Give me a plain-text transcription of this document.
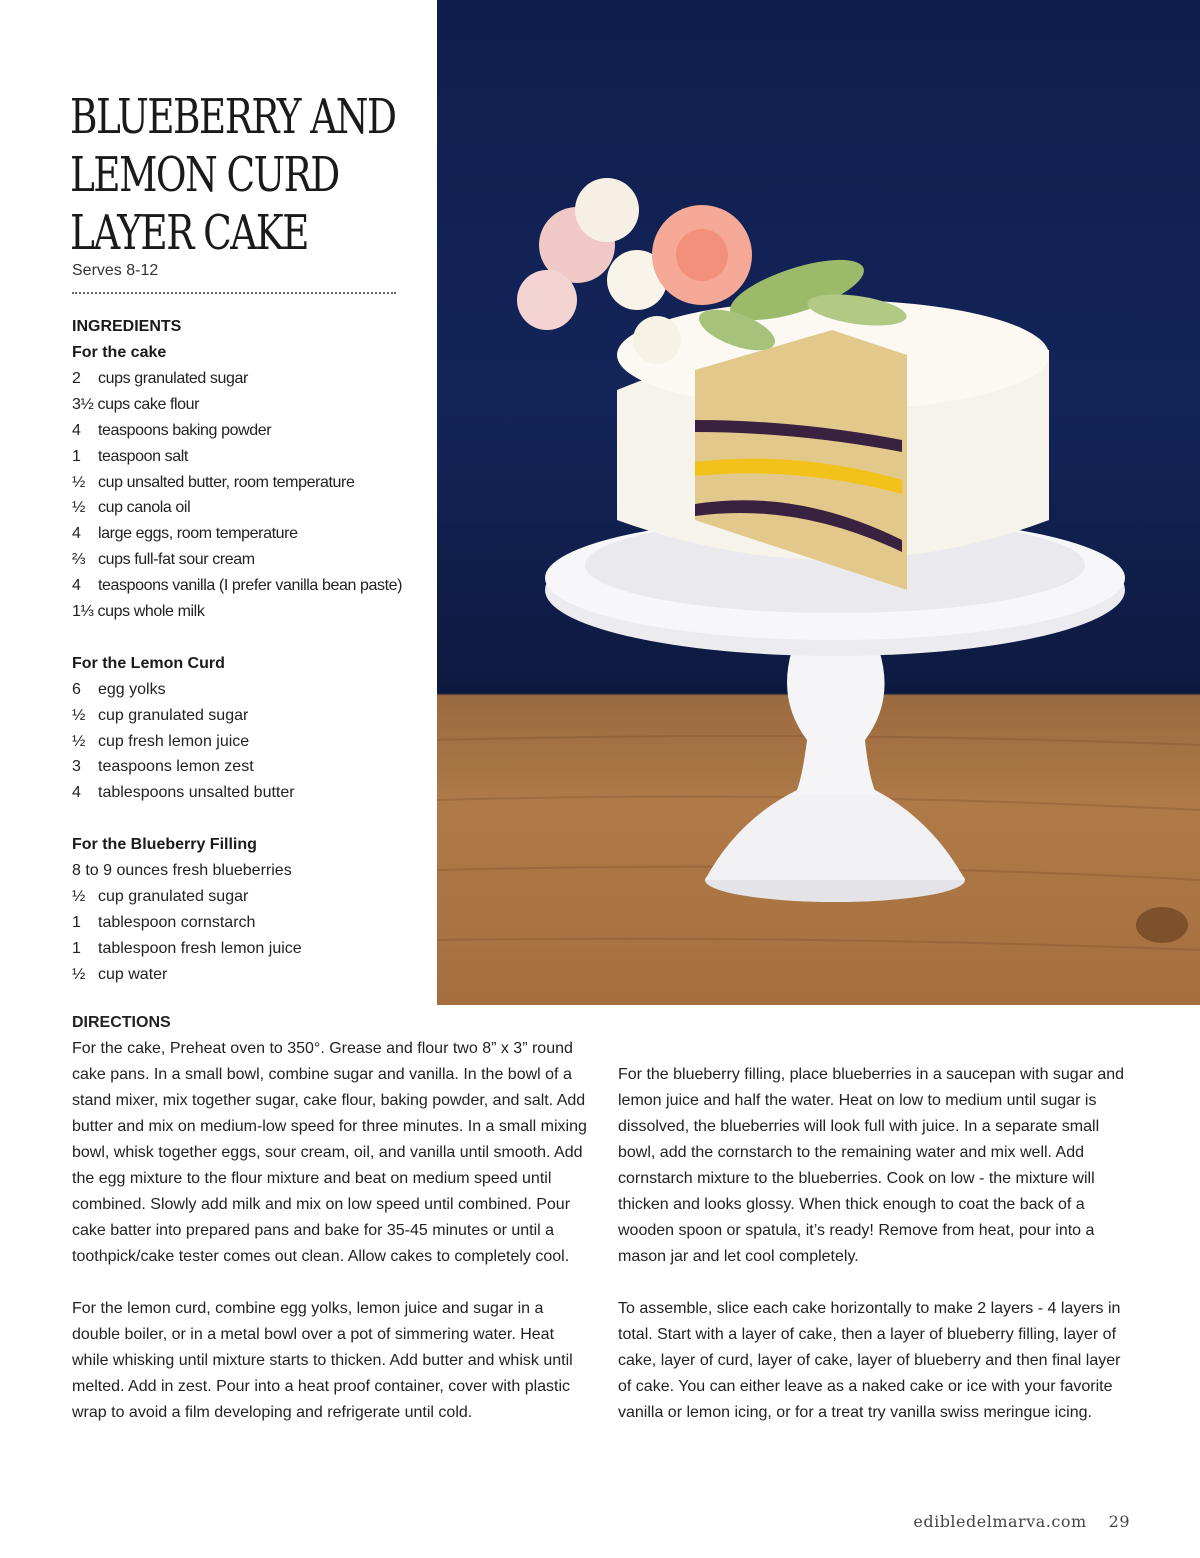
BLUEBERRY AND
LEMON CURD
LAYER CAKE
Serves 8-12
INGREDIENTS
For the cake
2 cups granulated sugar
3½ cups cake flour
4 teaspoons baking powder
1 teaspoon salt
½ cup unsalted butter, room temperature
½ cup canola oil
4 large eggs, room temperature
⅔ cups full-fat sour cream
4 teaspoons vanilla (I prefer vanilla bean paste)
1⅓ cups whole milk
For the Lemon Curd
6 egg yolks
½ cup granulated sugar
½ cup fresh lemon juice
3 teaspoons lemon zest
4 tablespoons unsalted butter
For the Blueberry Filling
8 to 9 ounces fresh blueberries
½ cup granulated sugar
1 tablespoon cornstarch
1 tablespoon fresh lemon juice
½ cup water
DIRECTIONS

For the cake, Preheat oven to 350°. Grease and flour two 8” x 3” round cake pans. In a small bowl, combine sugar and vanilla. In the bowl of a stand mixer, mix together sugar, cake flour, baking powder, and salt. Add butter and mix on medium-low speed for three minutes. In a small mixing bowl, whisk together eggs, sour cream, oil, and vanilla until smooth. Add the egg mixture to the flour mixture and beat on medium speed until combined. Slowly add milk and mix on low speed until combined. Pour cake batter into prepared pans and bake for 35-45 minutes or until a toothpick/cake tester comes out clean. Allow cakes to completely cool.

For the lemon curd, combine egg yolks, lemon juice and sugar in a double boiler, or in a metal bowl over a pot of simmering water. Heat while whisking until mixture starts to thicken. Add butter and whisk until melted. Add in zest. Pour into a heat proof container, cover with plastic wrap to avoid a film developing and refrigerate until cold.

For the blueberry filling, place blueberries in a saucepan with sugar and lemon juice and half the water. Heat on low to medium until sugar is dissolved, the blueberries will look full with juice. In a separate small bowl, add the cornstarch to the remaining water and mix well. Add cornstarch mixture to the blueberries. Cook on low - the mixture will thicken and looks glossy. When thick enough to coat the back of a wooden spoon or spatula, it’s ready! Remove from heat, pour into a mason jar and let cool completely.

To assemble, slice each cake horizontally to make 2 layers - 4 layers in total. Start with a layer of cake, then a layer of blueberry filling, layer of cake, layer of curd, layer of cake, layer of blueberry and then final layer of cake. You can either leave as a naked cake or ice with your favorite vanilla or lemon icing, or for a treat try vanilla swiss meringue icing.

edibledelmarva.com 29
